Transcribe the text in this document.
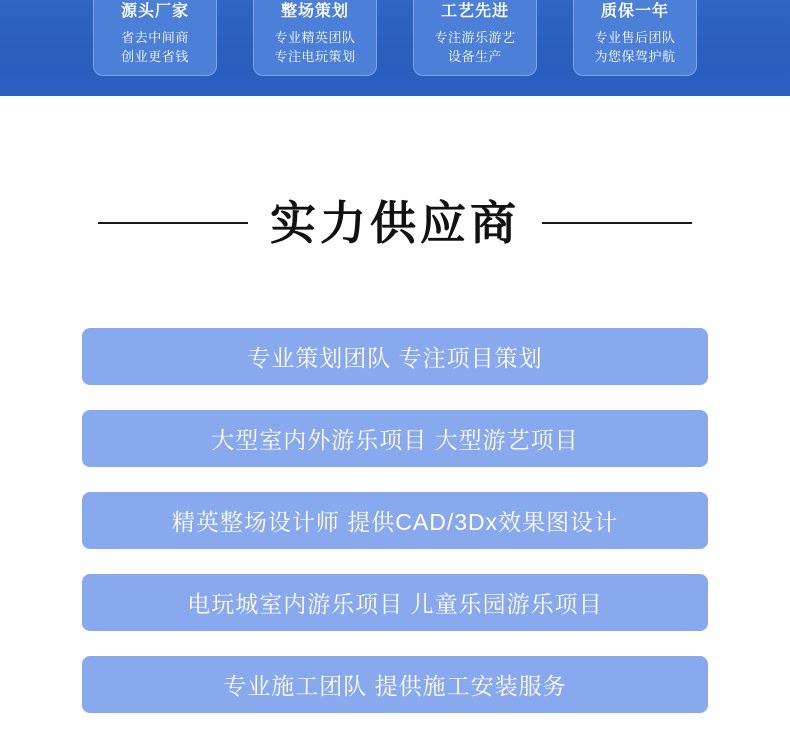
源头厂家
省去中间商
创业更省钱
整场策划
专业精英团队
专注电玩策划
工艺先进
专注游乐游艺
设备生产
质保一年
专业售后团队
为您保驾护航
实力供应商
专业策划团队 专注项目策划
大型室内外游乐项目 大型游艺项目
精英整场设计师 提供CAD/3Dx效果图设计
电玩城室内游乐项目 儿童乐园游乐项目
专业施工团队 提供施工安装服务
